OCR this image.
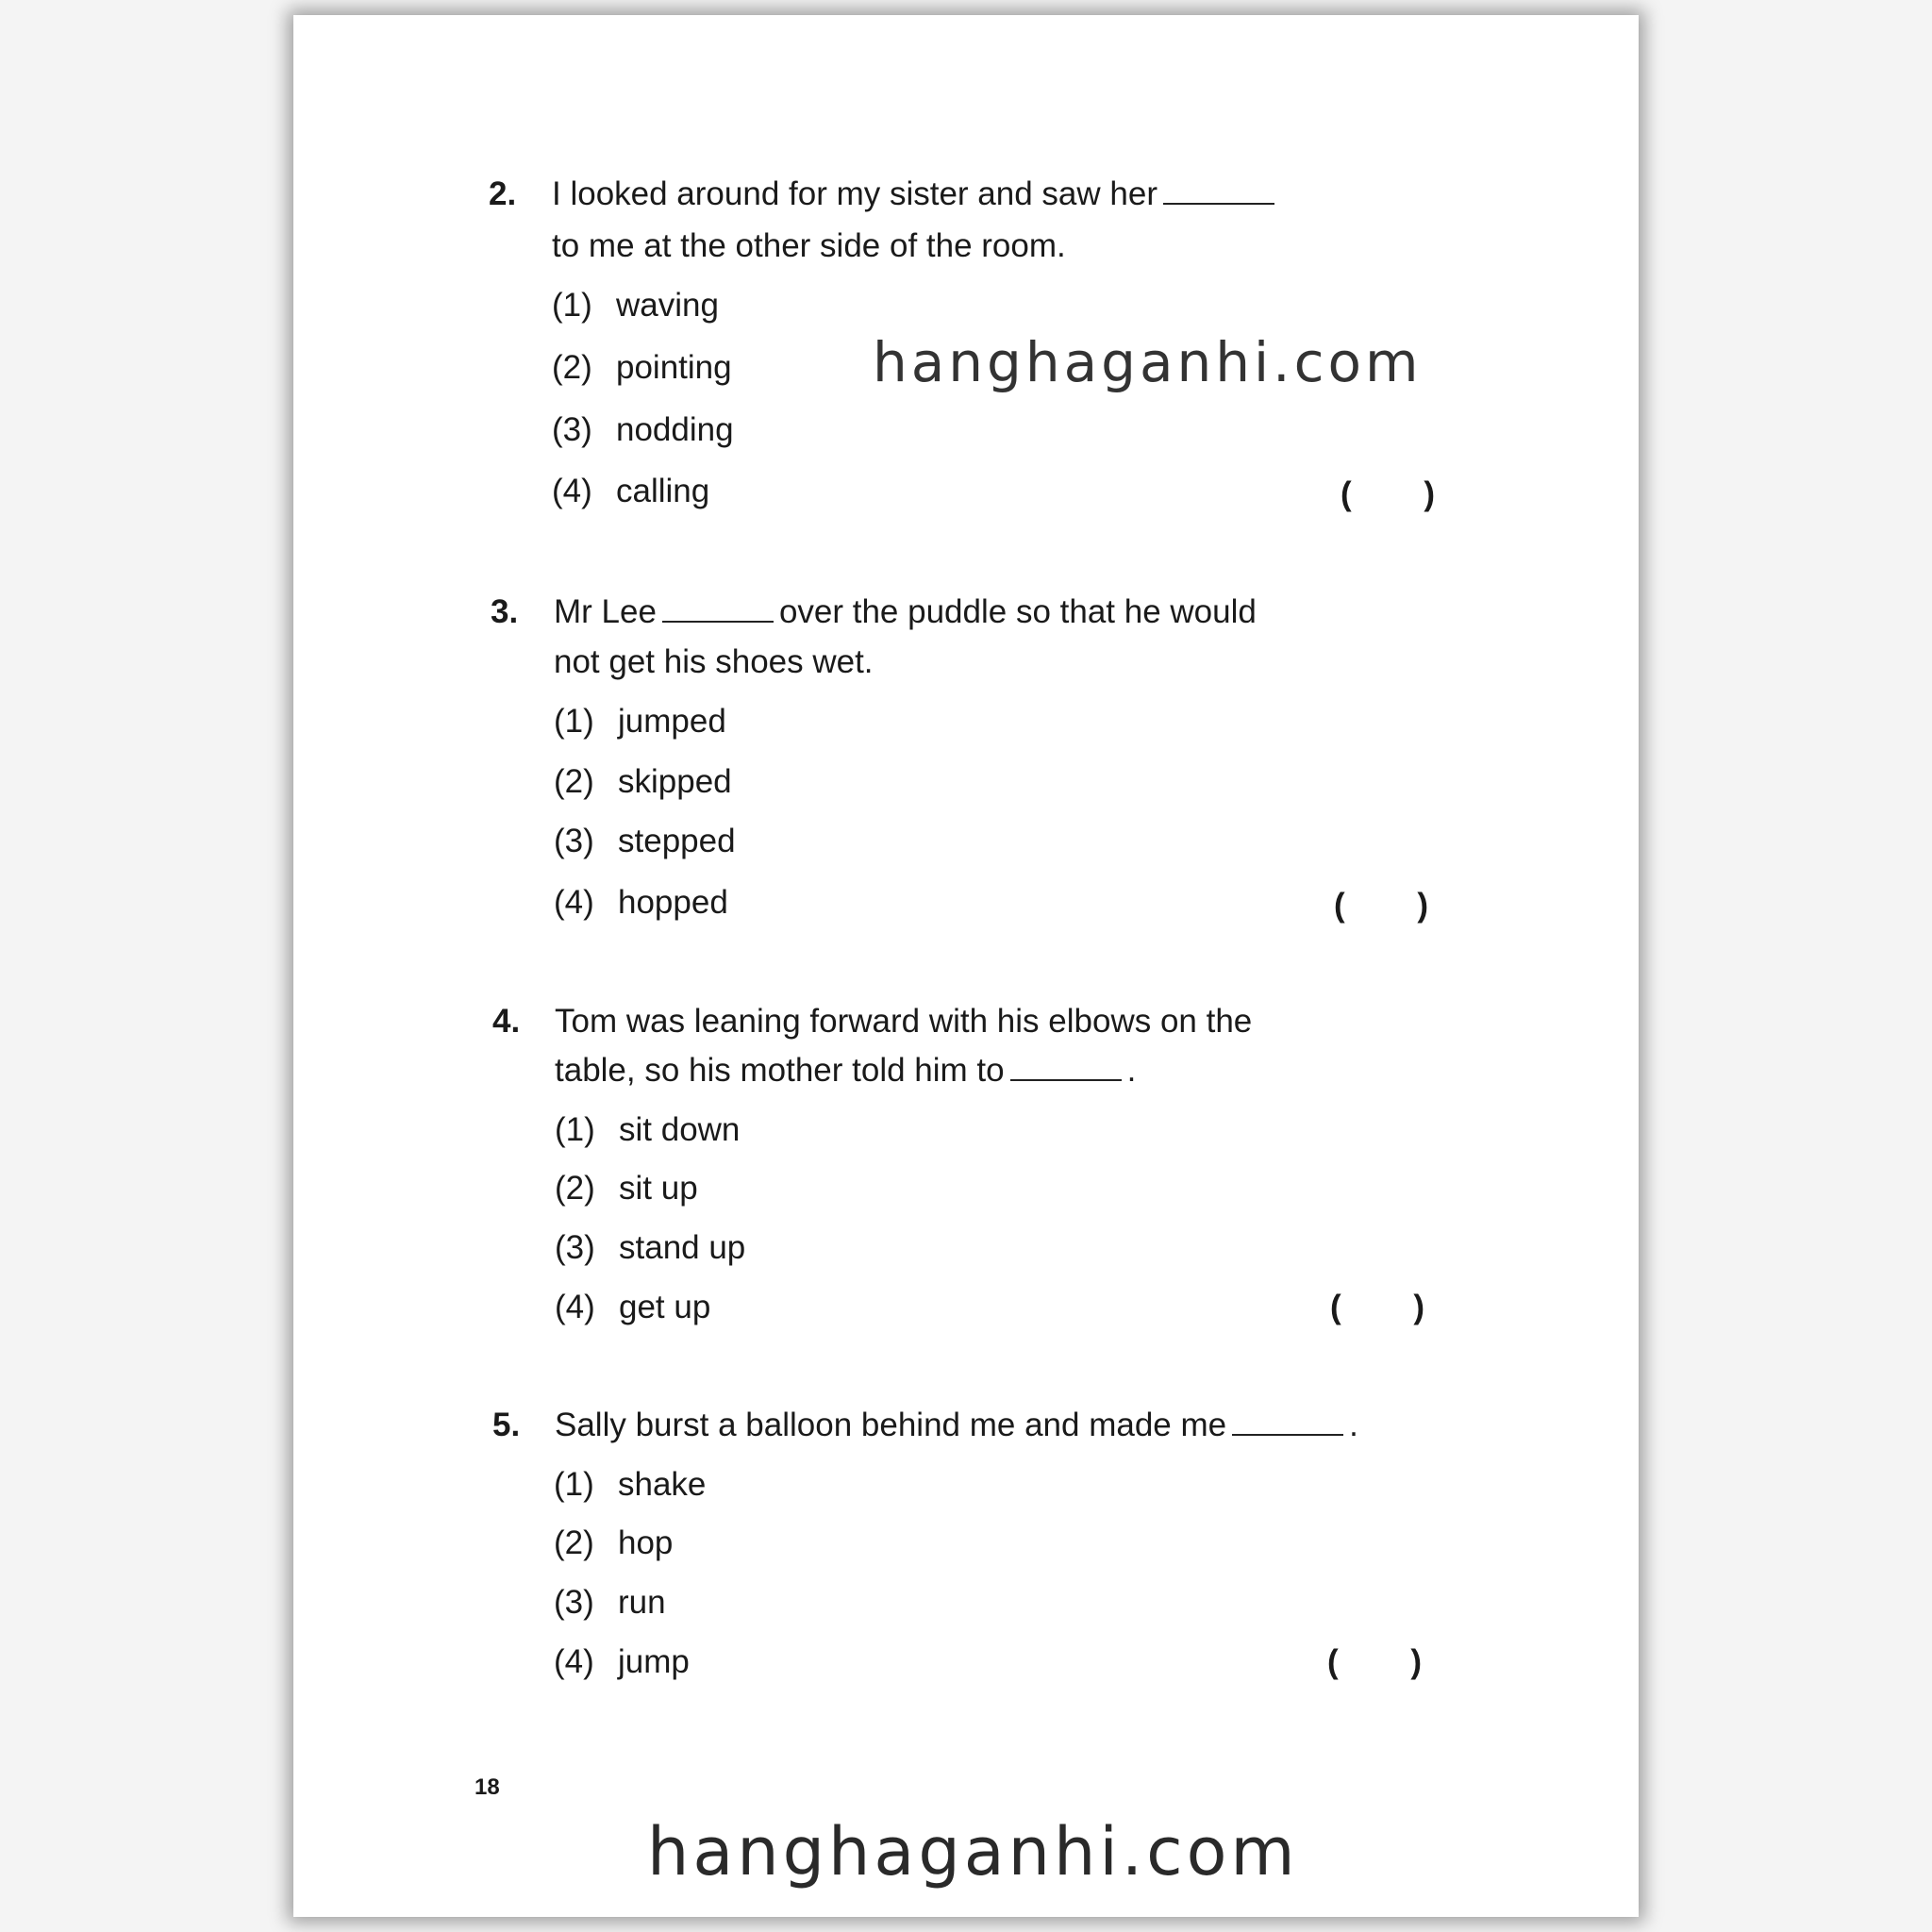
2. I looked around for my sister and saw her
to me at the other side of the room.
(1) waving
(2) pointing
(3) nodding
(4) calling	( )
hanghaganhi.com
3. Mr Lee	over the puddle so that he would
not get his shoes wet.
(1) jumped
(2) skipped
(3) stepped
(4) hopped	( )
4. Tom was leaning forward with his elbows on the
table, so his mother told him to	.
(1) sit down
(2) sit up
(3) stand up
(4) get up	( )
5. Sally burst a balloon behind me and made me	.
(1) shake
(2) hop
(3) run
(4) jump	( )
18
hanghaganhi.com
